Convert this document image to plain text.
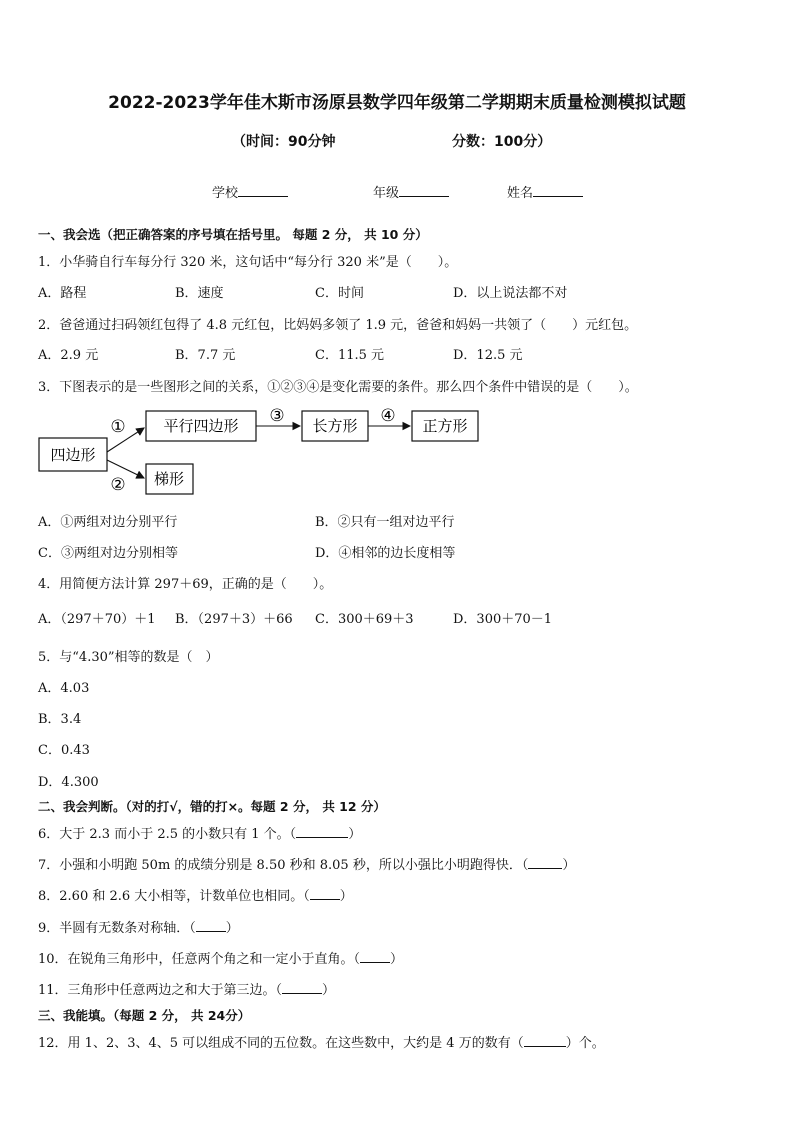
2022-2023学年佳木斯市汤原县数学四年级第二学期期末质量检测模拟试题
（时间：90分钟	分数：100分）
学校	年级	姓名
一、我会选（把正确答案的序号填在括号里。 每题 2 分， 共 10 分）
1．小华骑自行车每分行 320 米，这句话中“每分行 320 米”是（　　）。
A．路程	B．速度	C．时间	D．以上说法都不对
2．爸爸通过扫码领红包得了 4.8 元红包，比妈妈多领了 1.9 元，爸爸和妈妈一共领了（　　）元红包。
A．2.9 元	B．7.7 元	C．11.5 元	D．12.5 元
3．下图表示的是一些图形之间的关系，①②③④是变化需要的条件。那么四个条件中错误的是（　　）。
四边形
平行四边形	长方形	正方形
梯形
①
②
③	④
A．①两组对边分别平行	B．②只有一组对边平行
C．③两组对边分别相等	D．④相邻的边长度相等
4．用简便方法计算 297＋69，正确的是（　　）。
A．（297＋70）＋1 B．（297＋3）＋66 C．300＋69＋3	D．300＋70－1
5．与“4.30”相等的数是（　）
A．4.03
B．3.4
C．0.43
D．4.300
二、我会判断。（对的打√，错的打×。每题 2 分， 共 12 分）
6．大于 2.3 而小于 2.5 的小数只有 1 个。（	）
7．小强和小明跑 50m 的成绩分别是 8.50 秒和 8.05 秒，所以小强比小明跑得快．（	）
8．2.60 和 2.6 大小相等，计数单位也相同。（ ）
9．半圆有无数条对称轴．（ ）
10．在锐角三角形中，任意两个角之和一定小于直角。（ ）
11．三角形中任意两边之和大于第三边。（	）
三、我能填。（每题 2 分， 共 24分）
12．用 1、2、3、4、5 可以组成不同的五位数。在这些数中，大约是 4 万的数有（	）个。
